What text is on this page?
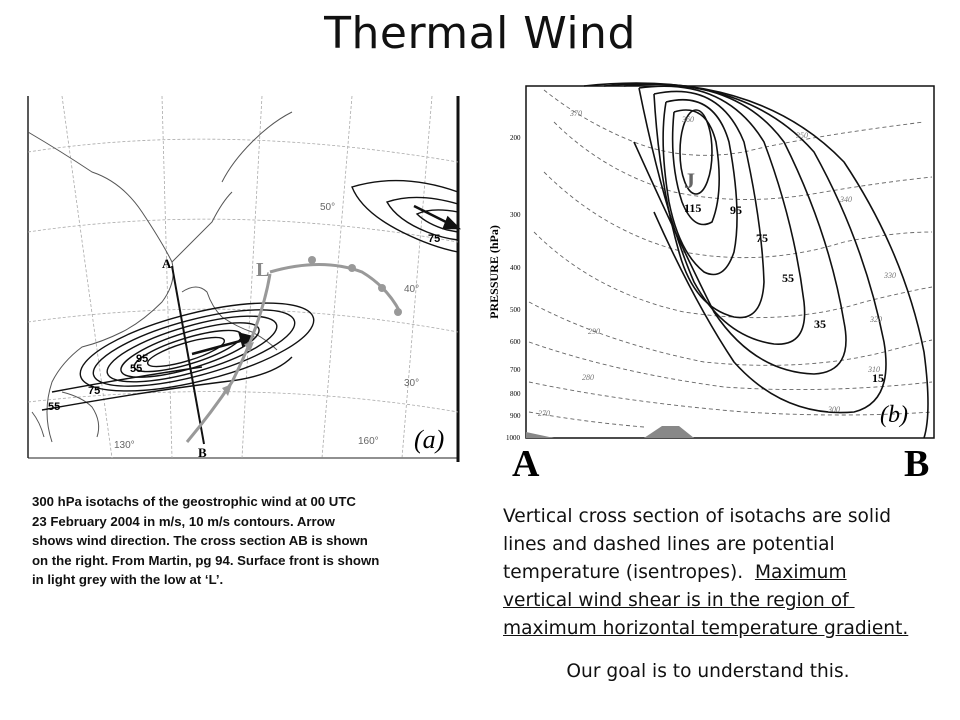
Thermal Wind
A
B
L
55
75
95
55
75
50°
40°
30°
130°	160° (a)
PRESSURE (hPa)
200
300
400
500
600
700
800
900
1000
J
115 95
75
55
35
15
360
350
340
330
320
310
300
370
290
280
270	(b)
A	B
300 hPa isotachs of the geostrophic wind at 00 UTC
23 February 2004 in m/s, 10 m/s contours. Arrow
shows wind direction. The cross section AB is shown
on the right. From Martin, pg 94. Surface front is shown
in light grey with the low at ‘L’.
Vertical cross section of isotachs are solid
lines and dashed lines are potential
temperature (isentropes).  Maximum
vertical wind shear is in the region of
maximum horizontal temperature gradient.
Our goal is to understand this.
